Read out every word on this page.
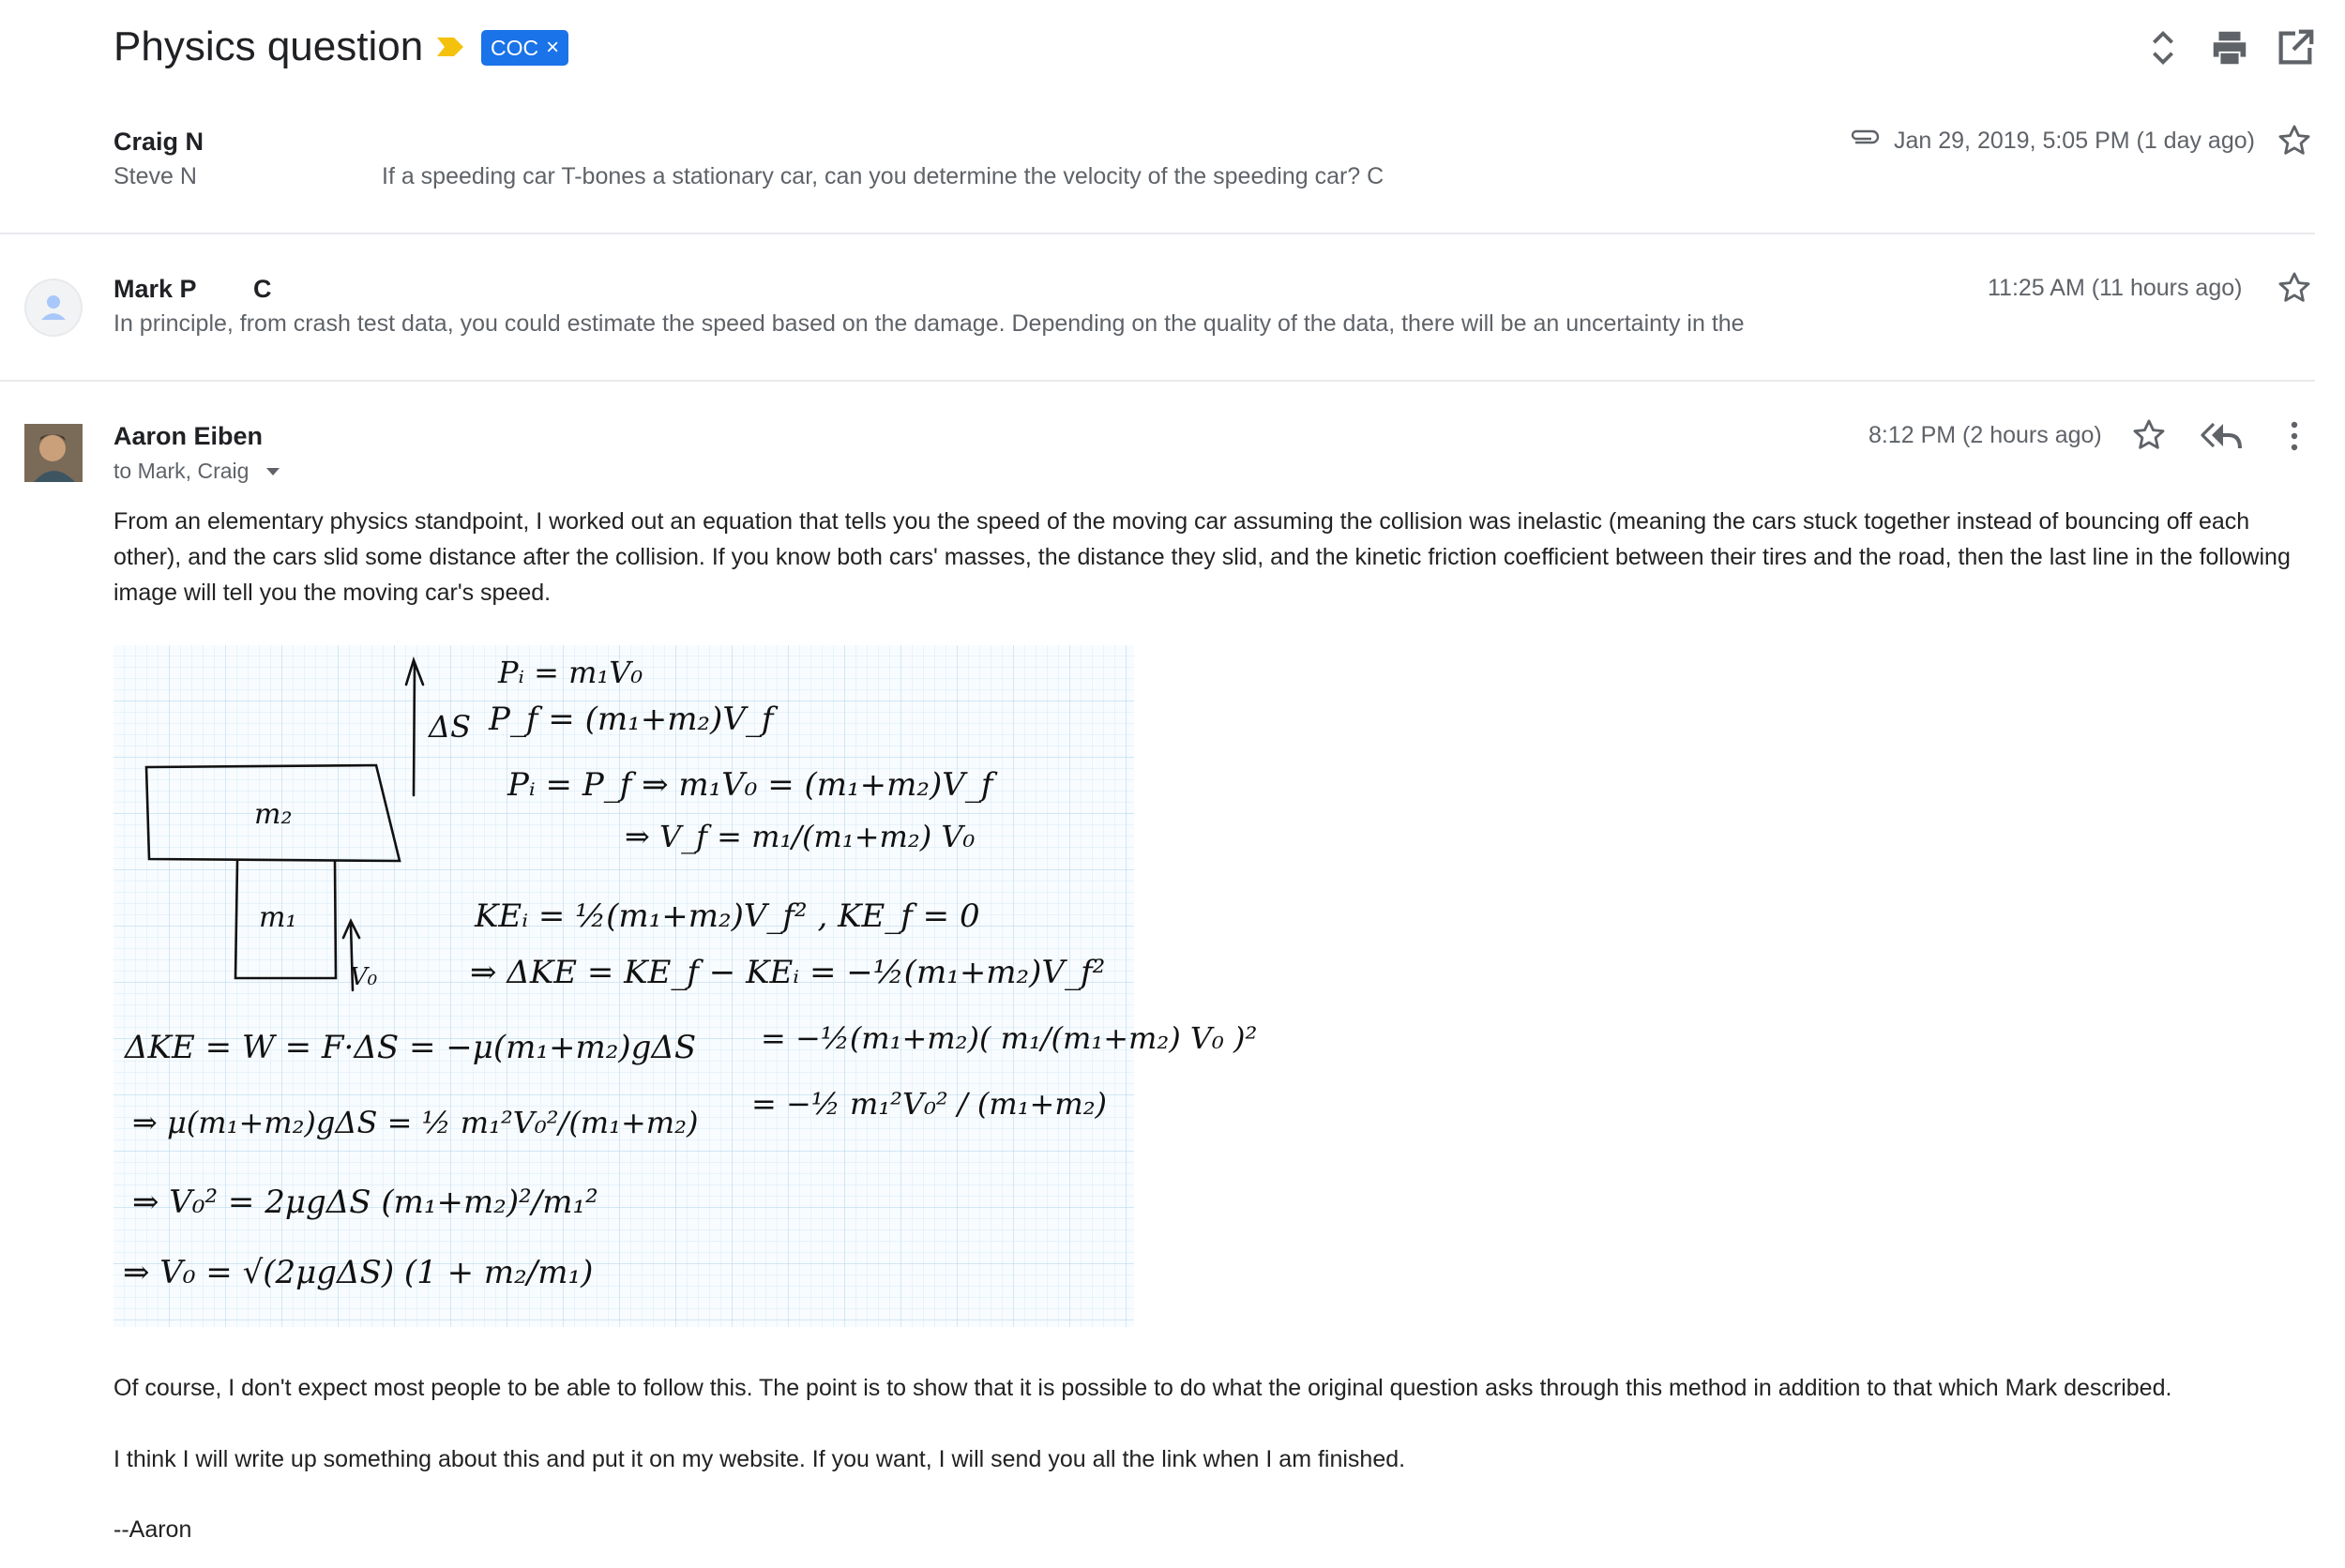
Physics question	COC ×
Craig N
Steve N	If a speeding car T-bones a stationary car, can you determine the velocity of the speeding car? C
Jan 29, 2019, 5:05 PM (1 day ago)
Mark P C
In principle, from crash test data, you could estimate the speed based on the damage. Depending on the quality of the data, there will be an uncertainty in the
11:25 AM (11 hours ago)
Aaron Eiben
to Mark, Craig
8:12 PM (2 hours ago)
From an elementary physics standpoint, I worked out an equation that tells you the speed of the moving car assuming the collision was inelastic (meaning the cars stuck together instead of bouncing off each other), and the cars slid some distance after the collision. If you know both cars' masses, the distance they slid, and the kinetic friction coefficient between their tires and the road, then the last line in the following image will tell you the moving car's speed.
m₂
m₁
V₀
ΔS
Pᵢ = m₁V₀
P_f = (m₁+m₂)V_f
Pᵢ = P_f ⇒ m₁V₀ = (m₁+m₂)V_f
⇒ V_f = m₁/(m₁+m₂) V₀
KEᵢ = ½(m₁+m₂)V_f² , KE_f = 0
⇒ ΔKE = KE_f − KEᵢ = −½(m₁+m₂)V_f²
= −½(m₁+m₂)( m₁/(m₁+m₂) V₀ )²
= −½ m₁²V₀² / (m₁+m₂)
ΔKE = W = F·ΔS = −μ(m₁+m₂)gΔS
⇒ μ(m₁+m₂)gΔS = ½ m₁²V₀²/(m₁+m₂)
⇒ V₀² = 2μgΔS (m₁+m₂)²/m₁²
⇒ V₀ = √(2μgΔS) (1 + m₂/m₁)
Of course, I don't expect most people to be able to follow this. The point is to show that it is possible to do what the original question asks through this method in addition to that which Mark described.
I think I will write up something about this and put it on my website. If you want, I will send you all the link when I am finished.
--Aaron
